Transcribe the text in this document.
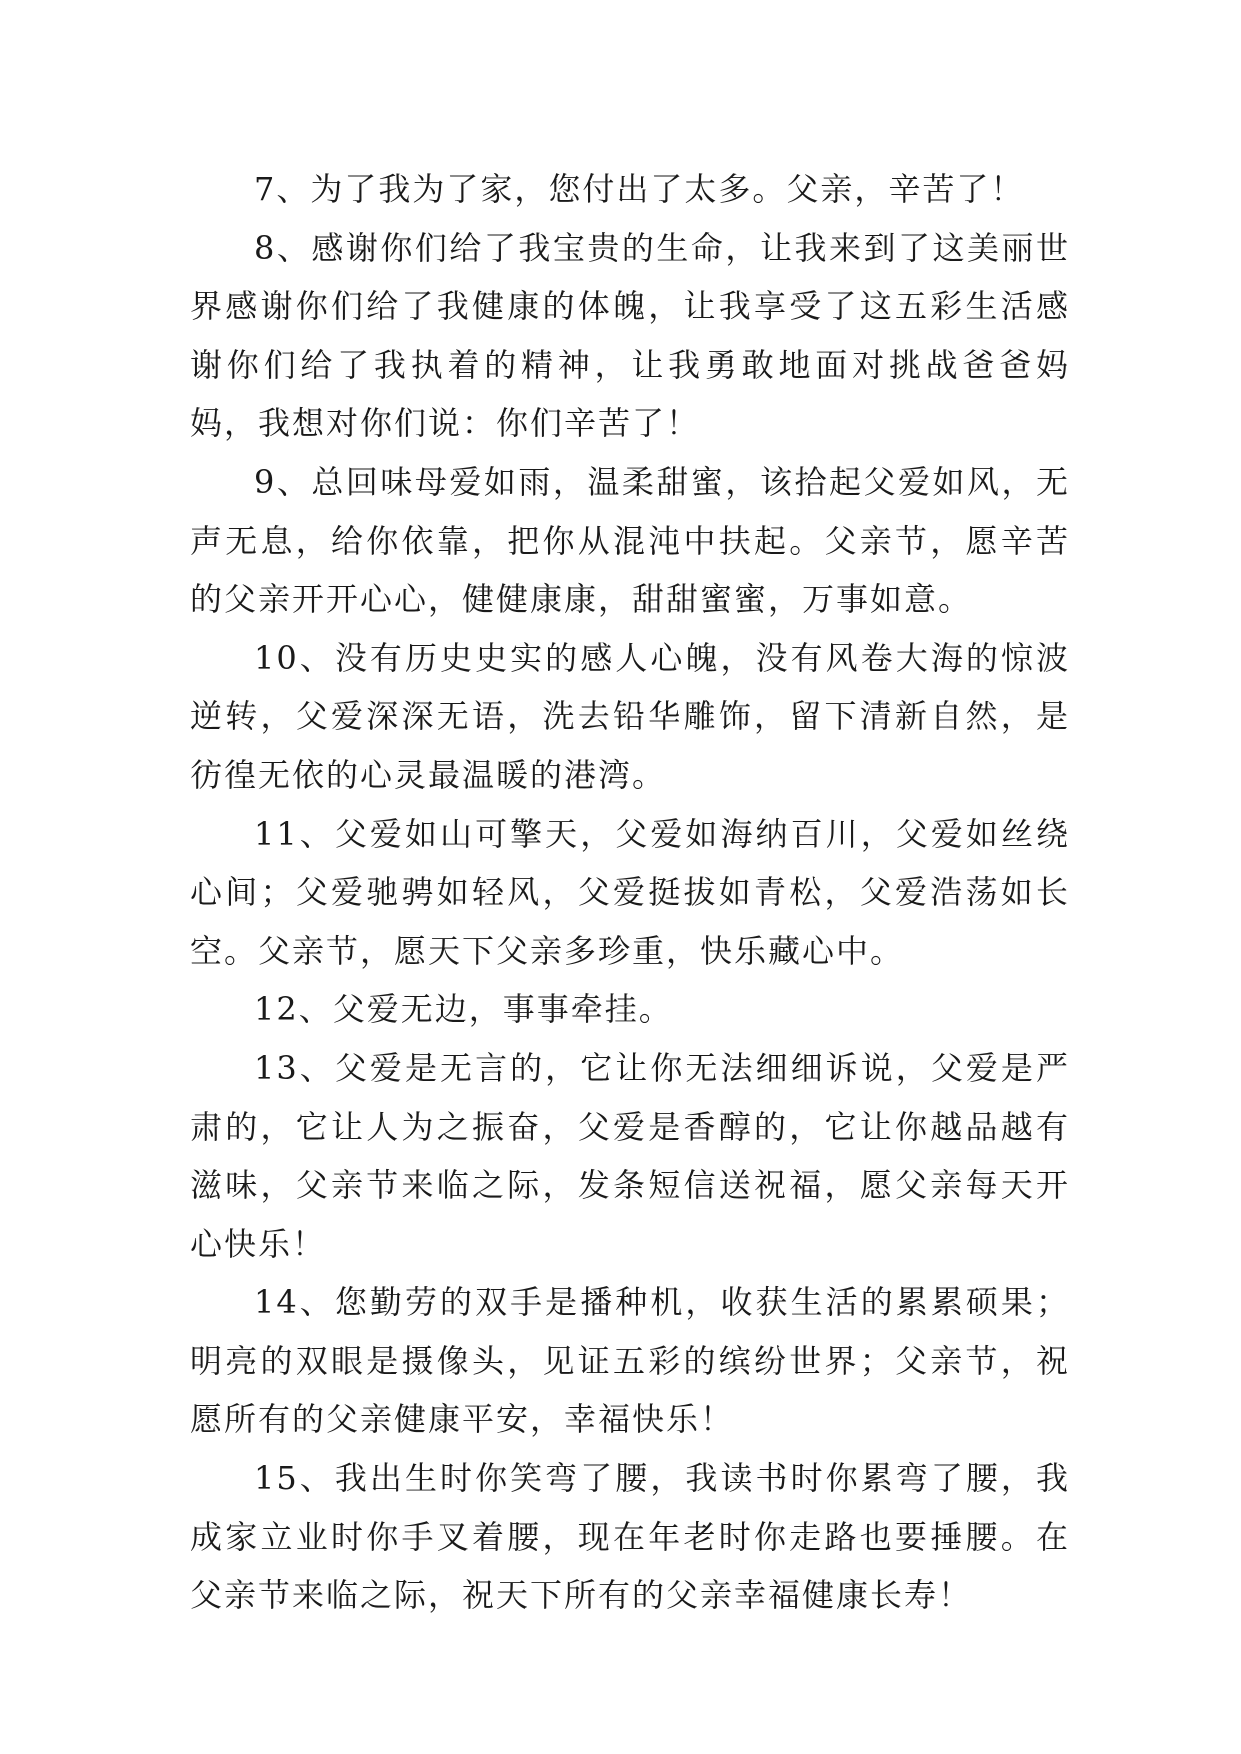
7、为了我为了家，您付出了太多。父亲，辛苦了！

8、感谢你们给了我宝贵的生命，让我来到了这美丽世界感谢你们给了我健康的体魄，让我享受了这五彩生活感谢你们给了我执着的精神，让我勇敢地面对挑战爸爸妈妈，我想对你们说：你们辛苦了！

9、总回味母爱如雨，温柔甜蜜，该拾起父爱如风，无声无息，给你依靠，把你从混沌中扶起。父亲节，愿辛苦的父亲开开心心，健健康康，甜甜蜜蜜，万事如意。

10、没有历史史实的感人心魄，没有风卷大海的惊波逆转，父爱深深无语，洗去铅华雕饰，留下清新自然，是彷徨无依的心灵最温暖的港湾。

11、父爱如山可擎天，父爱如海纳百川，父爱如丝绕心间；父爱驰骋如轻风，父爱挺拔如青松，父爱浩荡如长空。父亲节，愿天下父亲多珍重，快乐藏心中。

12、父爱无边，事事牵挂。

13、父爱是无言的，它让你无法细细诉说，父爱是严肃的，它让人为之振奋，父爱是香醇的，它让你越品越有滋味，父亲节来临之际，发条短信送祝福，愿父亲每天开心快乐！

14、您勤劳的双手是播种机，收获生活的累累硕果；明亮的双眼是摄像头，见证五彩的缤纷世界；父亲节，祝愿所有的父亲健康平安，幸福快乐！

15、我出生时你笑弯了腰，我读书时你累弯了腰，我成家立业时你手叉着腰，现在年老时你走路也要捶腰。在父亲节来临之际，祝天下所有的父亲幸福健康长寿！
